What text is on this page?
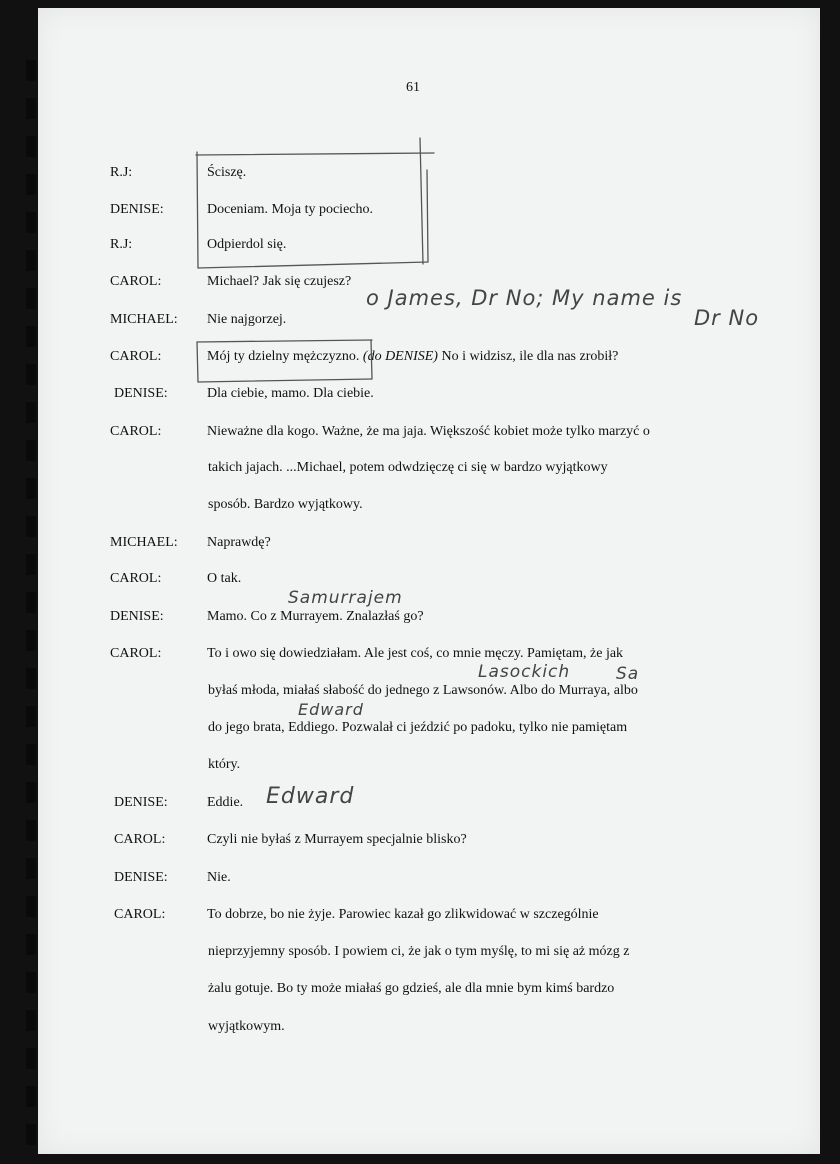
61
R.J:	Ściszę.
DENISE:	Doceniam. Moja ty pociecho.
R.J:	Odpierdol się.
CAROL:	Michael? Jak się czujesz?
MICHAEL: Nie najgorzej.
CAROL:	Mój ty dzielny mężczyzno. (do DENISE) No i widzisz, ile dla nas zrobił?
DENISE:	Dla ciebie, mamo. Dla ciebie.
CAROL:	Nieważne dla kogo. Ważne, że ma jaja. Większość kobiet może tylko marzyć o
takich jajach. ...Michael, potem odwdzięczę ci się w bardzo wyjątkowy
sposób. Bardzo wyjątkowy.
MICHAEL: Naprawdę?
CAROL:	O tak.
DENISE:	Mamo. Co z Murrayem. Znalazłaś go?
CAROL:	To i owo się dowiedziałam. Ale jest coś, co mnie męczy. Pamiętam, że jak
byłaś młoda, miałaś słabość do jednego z Lawsonów. Albo do Murraya, albo
do jego brata, Eddiego. Pozwalał ci jeździć po padoku, tylko nie pamiętam
który.
DENISE:	Eddie.
CAROL:	Czyli nie byłaś z Murrayem specjalnie blisko?
DENISE:	Nie.
CAROL:	To dobrze, bo nie żyje. Parowiec kazał go zlikwidować w szczególnie
nieprzyjemny sposób. I powiem ci, że jak o tym myślę, to mi się aż mózg z
żalu gotuje. Bo ty może miałaś go gdzieś, ale dla mnie bym kimś bardzo
wyjątkowym.
o James, Dr No; My name is
Dr No
Samurrajem
Lasockich	Sa
Edward
Edward
